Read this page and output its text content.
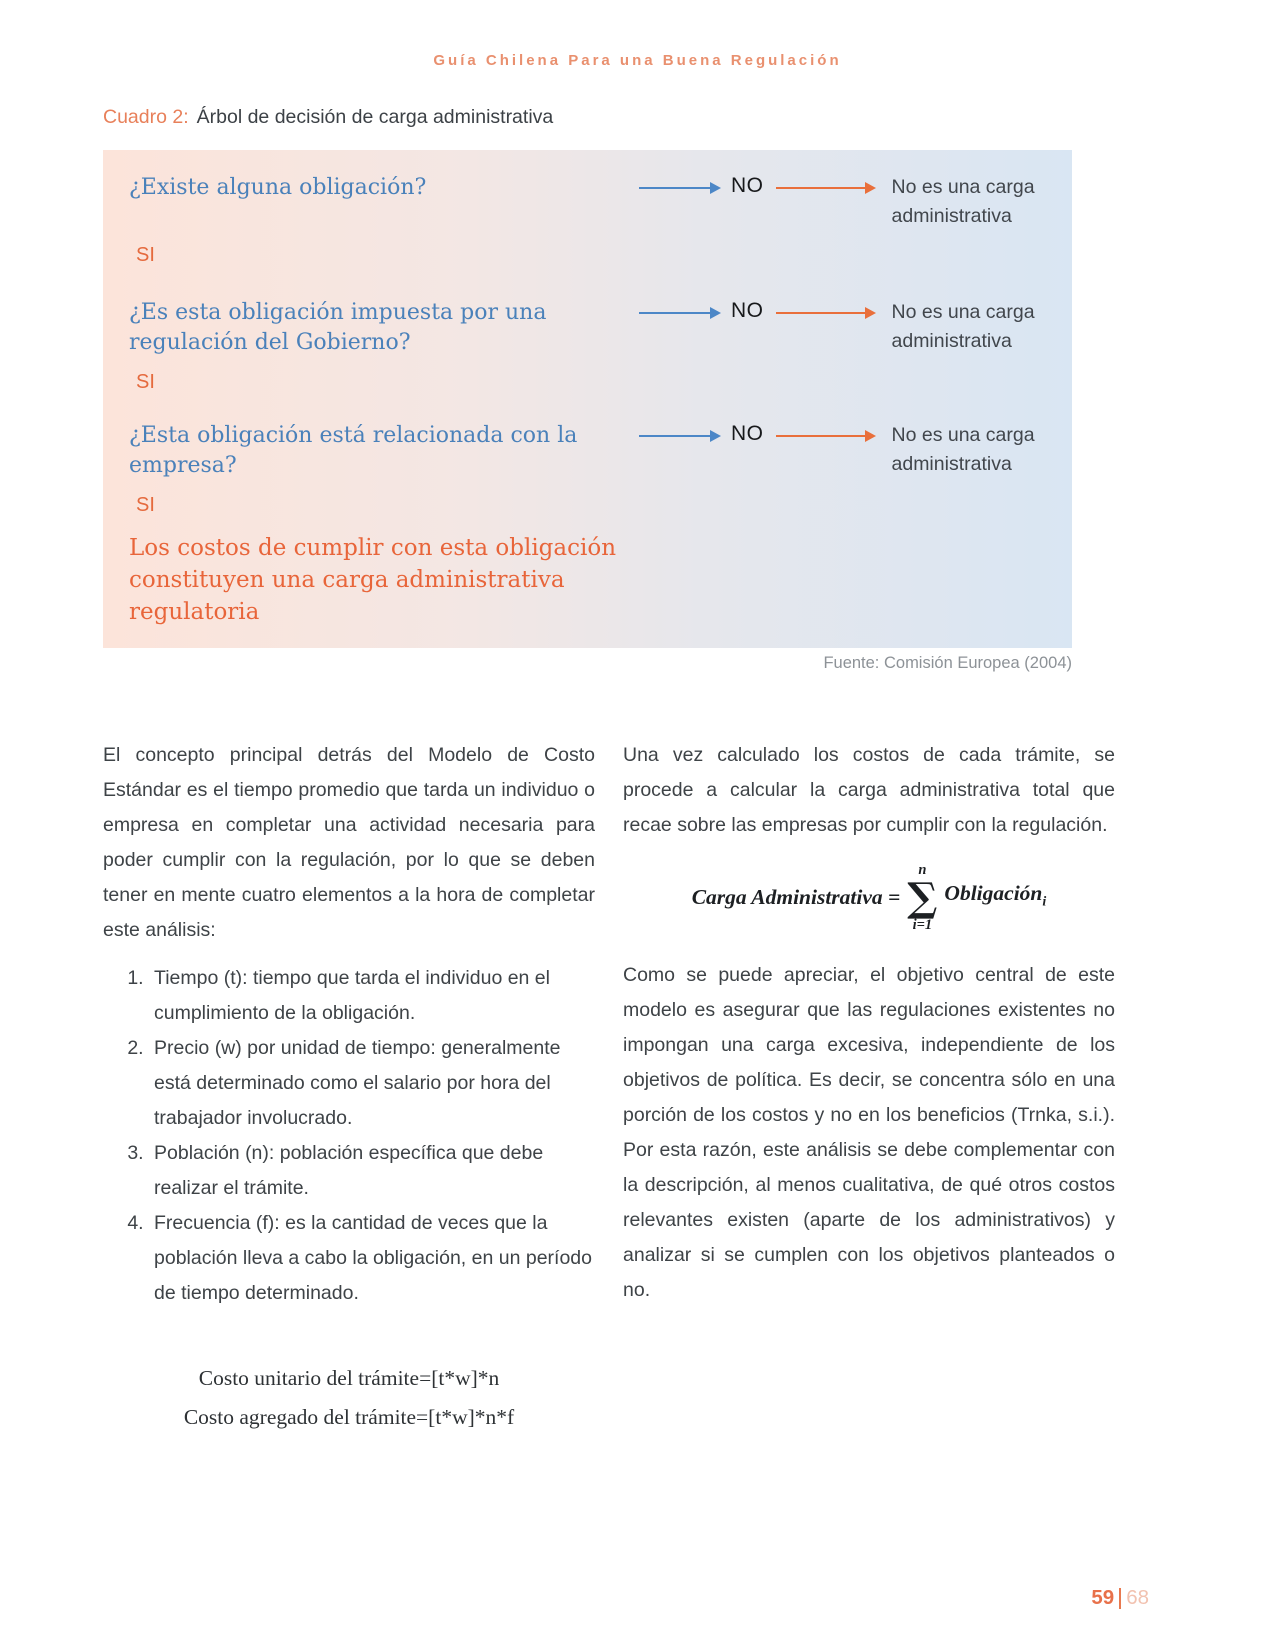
Guía Chilena Para una Buena Regulación
Cuadro 2: Árbol de decisión de carga administrativa
¿Existe alguna obligación?	NO	No es una carga administrativa
SI
¿Es esta obligación impuesta por una regulación del Gobierno?
NO	No es una carga administrativa
SI
¿Esta obligación está relacionada con la empresa?
NO	No es una carga administrativa
SI
Los costos de cumplir con esta obligación constituyen una carga administrativa regulatoria
Fuente: Comisión Europea (2004)

El concepto principal detrás del Modelo de Costo Estándar es el tiempo promedio que tarda un individuo o empresa en completar una actividad necesaria para poder cumplir con la regulación, por lo que se deben tener en mente cuatro elementos a la hora de completar este análisis:

1. Tiempo (t): tiempo que tarda el individuo en el cumplimiento de la obligación.
2. Precio (w) por unidad de tiempo: generalmente está determinado como el salario por hora del trabajador involucrado.
3. Población (n): población específica que debe realizar el trámite.
4. Frecuencia (f): es la cantidad de veces que la población lleva a cabo la obligación, en un período de tiempo determinado.
Costo unitario del trámite=[t*w]*n
Costo agregado del trámite=[t*w]*n*f

Una vez calculado los costos de cada trámite, se procede a calcular la carga administrativa total que recae sobre las empresas por cumplir con la regulación.

Carga Administrativa =
n
∑
i=1
Obligación$_i$

Como se puede apreciar, el objetivo central de este modelo es asegurar que las regulaciones existentes no impongan una carga excesiva, independiente de los objetivos de política. Es decir, se concentra sólo en una porción de los costos y no en los beneficios (Trnka, s.i.). Por esta razón, este análisis se debe complementar con la descripción, al menos cualitativa, de qué otros costos relevantes existen (aparte de los administrativos) y analizar si se cumplen con los objetivos planteados o no.

59 68
